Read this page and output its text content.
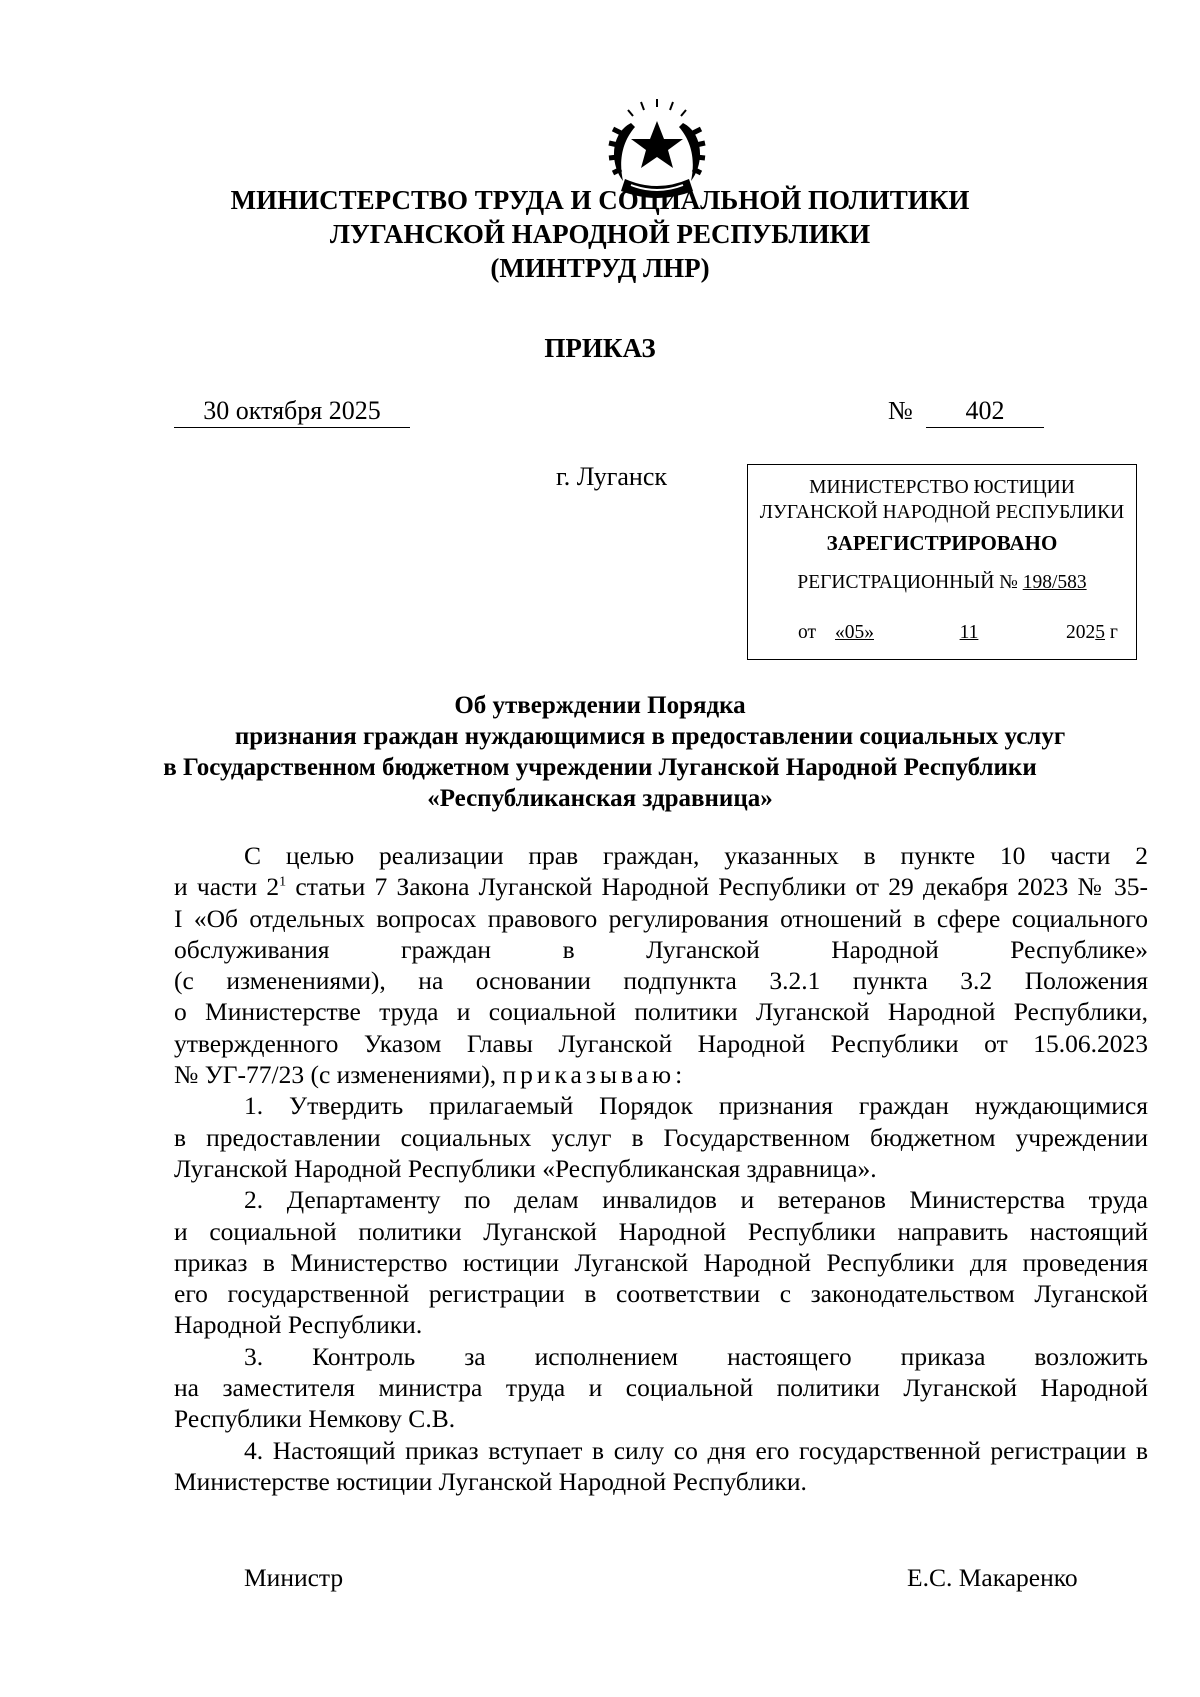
МИНИСТЕРСТВО ТРУДА И СОЦИАЛЬНОЙ ПОЛИТИКИ
ЛУГАНСКОЙ НАРОДНОЙ РЕСПУБЛИКИ
(МИНТРУД ЛНР)
ПРИКАЗ
30 октября 2025	№	402
г. Луганск	МИНИСТЕРСТВО ЮСТИЦИИ
ЛУГАНСКОЙ НАРОДНОЙ РЕСПУБЛИКИ
ЗАРЕГИСТРИРОВАНО
РЕГИСТРАЦИОННЫЙ № 198/583
от «05»	11	2025 г
Об утверждении Порядка
признания граждан нуждающимися в предоставлении социальных услуг
в Государственном бюджетном учреждении Луганской Народной Республики
«Республиканская здравница»
С целью реализации прав граждан, указанных в пункте 10 части 2
и части $2^1$ статьи 7 Закона Луганской Народной Республики от 29 декабря 2023 № 35-
I «Об отдельных вопросах правового регулирования отношений в сфере социального
обслуживания граждан в Луганской Народной Республике»
(с изменениями), на основании подпункта 3.2.1 пункта 3.2 Положения
о Министерстве труда и социальной политики Луганской Народной Республики,
утвержденного Указом Главы Луганской Народной Республики от 15.06.2023
№ УГ-77/23 (с изменениями), приказываю:
1. Утвердить прилагаемый Порядок признания граждан нуждающимися
в предоставлении социальных услуг в Государственном бюджетном учреждении
Луганской Народной Республики «Республиканская здравница».
2. Департаменту по делам инвалидов и ветеранов Министерства труда
и социальной политики Луганской Народной Республики направить настоящий
приказ в Министерство юстиции Луганской Народной Республики для проведения
его государственной регистрации в соответствии с законодательством Луганской
Народной Республики.
3. Контроль за исполнением настоящего приказа возложить
на заместителя министра труда и социальной политики Луганской Народной
Республики Немкову С.В.
4. Настоящий приказ вступает в силу со дня его государственной регистрации в
Министерстве юстиции Луганской Народной Республики.
Министр	Е.С. Макаренко
